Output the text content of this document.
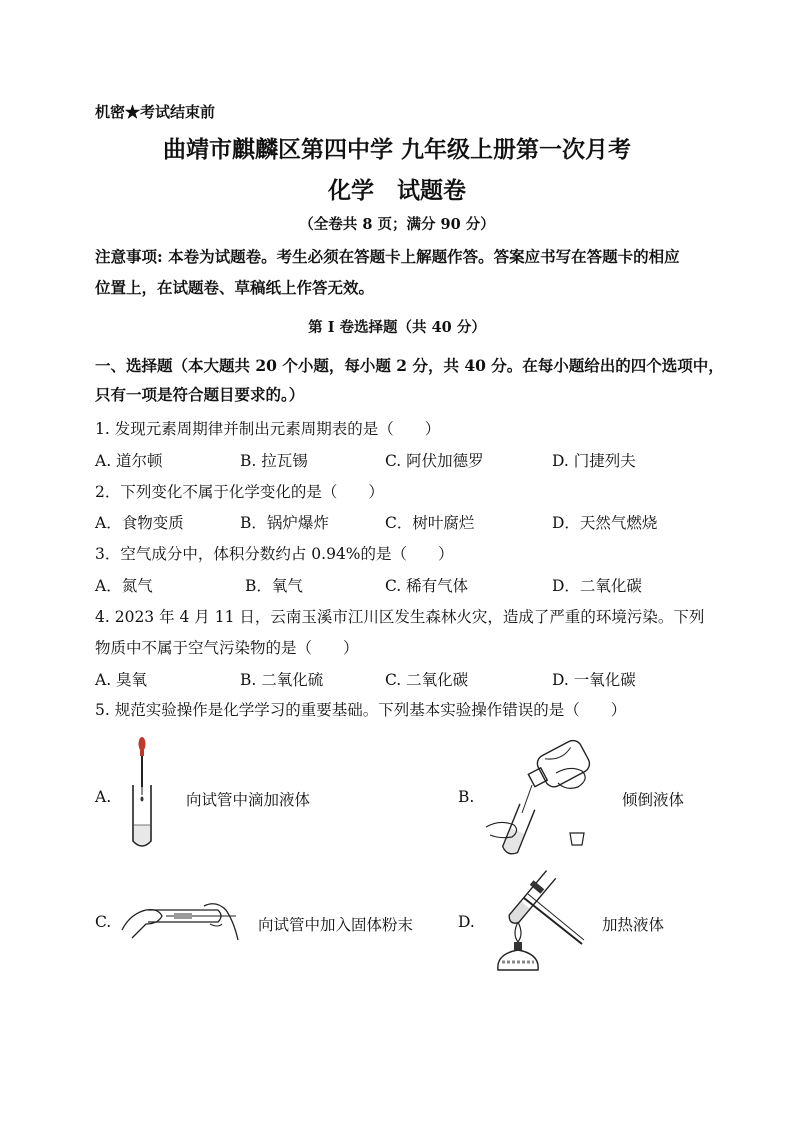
机密★考试结束前
曲靖市麒麟区第四中学 九年级上册第一次月考
化学　试题卷
（全卷共 8 页；满分 90 分）
注意事项: 本卷为试题卷。考生必须在答题卡上解题作答。答案应书写在答题卡的相应
位置上，在试题卷、草稿纸上作答无效。
第 I 卷选择题（共 40 分）
一、选择题（本大题共 20 个小题，每小题 2 分，共 40 分。在每小题给出的四个选项中，
只有一项是符合题目要求的。）
1. 发现元素周期律并制出元素周期表的是（　　）
A. 道尔顿	B. 拉瓦锡	C. 阿伏加德罗	D. 门捷列夫
2．下列变化不属于化学变化的是（　　）
A．食物变质	B．锅炉爆炸	C．树叶腐烂	D．天然气燃烧
3．空气成分中，体积分数约占 0.94%的是（　　）
A．氮气	B．氧气	C. 稀有气体	D．二氧化碳
4. 2023 年 4 月 11 日，云南玉溪市江川区发生森林火灾，造成了严重的环境污染。下列
物质中不属于空气污染物的是（　　）
A. 臭氧	B. 二氧化硫	C. 二氧化碳	D. 一氧化碳
5. 规范实验操作是化学学习的重要基础。下列基本实验操作错误的是（　　）
A.	向试管中滴加液体	B.	倾倒液体
C.	向试管中加入固体粉末	D.	加热液体
